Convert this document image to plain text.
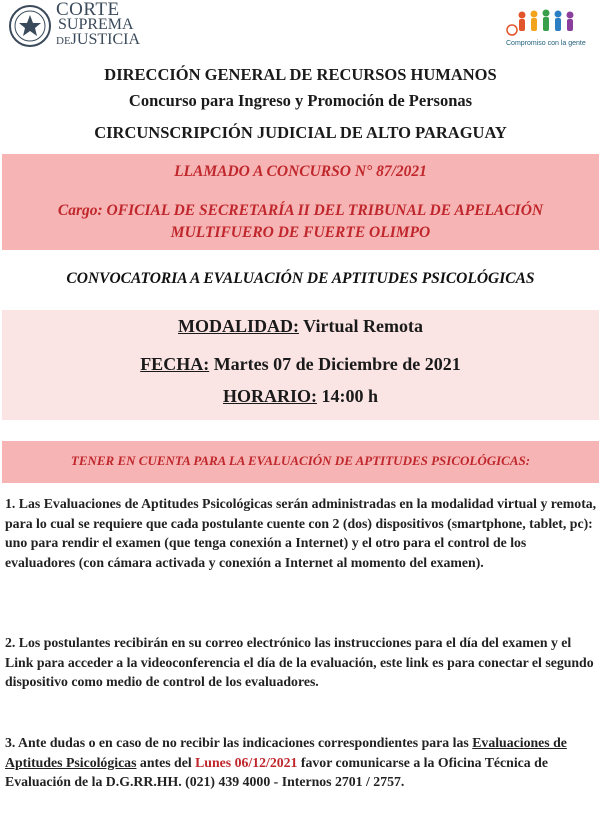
CORTE
SUPREMA
DEJUSTICIA	Compromiso con la gente
DIRECCIÓN GENERAL DE RECURSOS HUMANOS
Concurso para Ingreso y Promoción de Personas
CIRCUNSCRIPCIÓN JUDICIAL DE ALTO PARAGUAY
LLAMADO A CONCURSO N° 87/2021
Cargo: OFICIAL DE SECRETARÍA II DEL TRIBUNAL DE APELACIÓN
MULTIFUERO DE FUERTE OLIMPO
CONVOCATORIA A EVALUACIÓN DE APTITUDES PSICOLÓGICAS
MODALIDAD: Virtual Remota
FECHA: Martes 07 de Diciembre de 2021
HORARIO: 14:00 h
TENER EN CUENTA PARA LA EVALUACIÓN DE APTITUDES PSICOLÓGICAS:
1. Las Evaluaciones de Aptitudes Psicológicas serán administradas en la modalidad virtual y remota, para lo cual se requiere que cada postulante cuente con 2 (dos) dispositivos (smartphone, tablet, pc): uno para rendir el examen (que tenga conexión a Internet) y el otro para el control de los evaluadores (con cámara activada y conexión a Internet al momento del examen).
2. Los postulantes recibirán en su correo electrónico las instrucciones para el día del examen y el Link para acceder a la videoconferencia el día de la evaluación, este link es para conectar el segundo dispositivo como medio de control de los evaluadores.
3. Ante dudas o en caso de no recibir las indicaciones correspondientes para las Evaluaciones de Aptitudes Psicológicas antes del Lunes 06/12/2021 favor comunicarse a la Oficina Técnica de Evaluación de la D.G.RR.HH. (021) 439 4000 - Internos 2701 / 2757.
